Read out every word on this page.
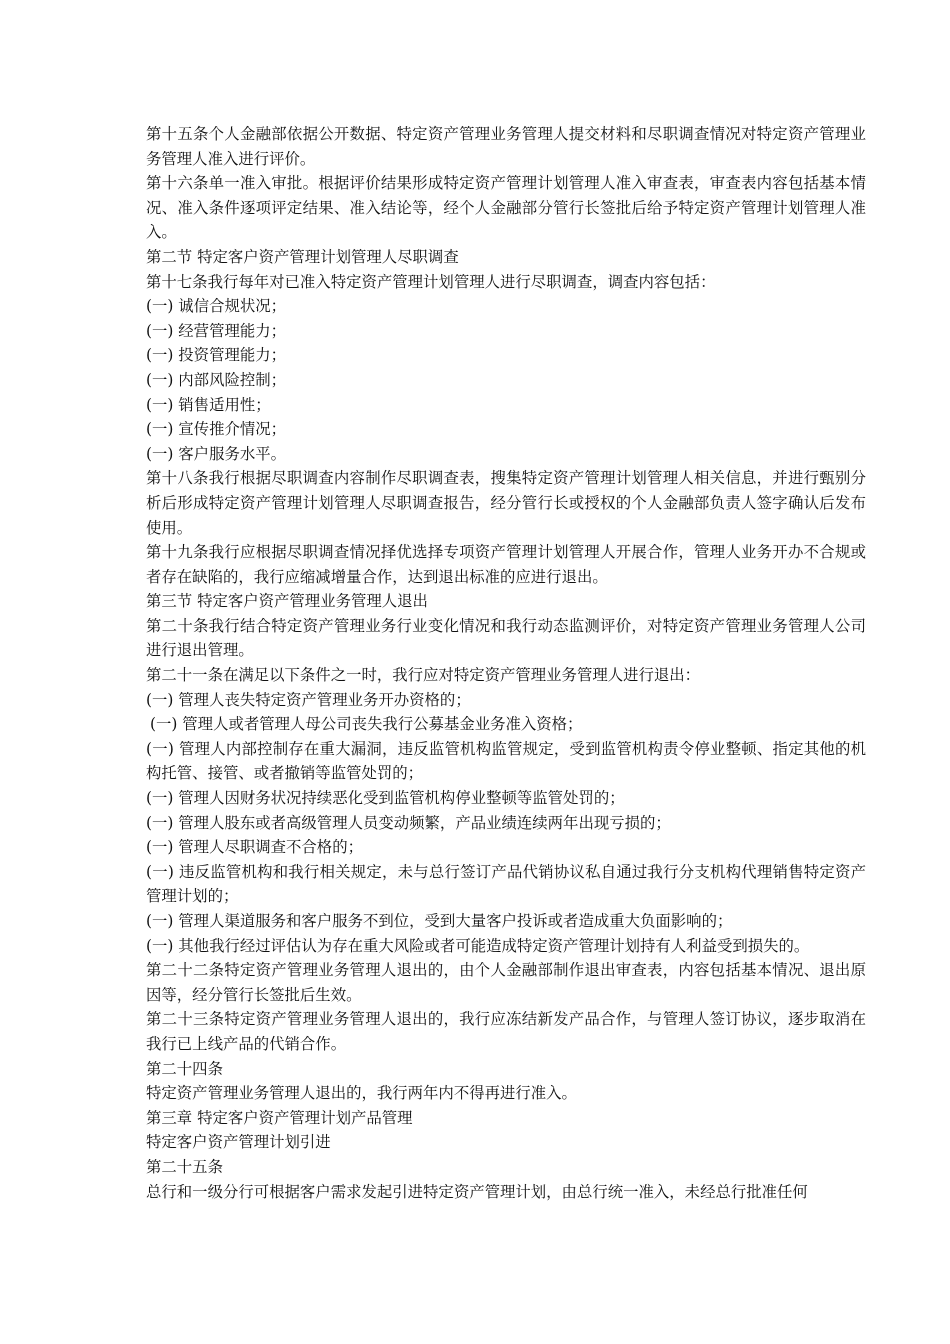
第十五条个人金融部依据公开数据、特定资产管理业务管理人提交材料和尽职调查情况对特定资产管理业务管理人准入进行评价。

第十六条单一准入审批。根据评价结果形成特定资产管理计划管理人准入审查表，审查表内容包括基本情况、准入条件逐项评定结果、准入结论等，经个人金融部分管行长签批后给予特定资产管理计划管理人准入。

第二节 特定客户资产管理计划管理人尽职调查

第十七条我行每年对已准入特定资产管理计划管理人进行尽职调查，调查内容包括：

(一) 诚信合规状况；

(一) 经营管理能力；

(一) 投资管理能力；

(一) 内部风险控制；

(一) 销售适用性；

(一) 宣传推介情况；

(一) 客户服务水平。

第十八条我行根据尽职调查内容制作尽职调查表，搜集特定资产管理计划管理人相关信息，并进行甄别分析后形成特定资产管理计划管理人尽职调查报告，经分管行长或授权的个人金融部负责人签字确认后发布使用。

第十九条我行应根据尽职调查情况择优选择专项资产管理计划管理人开展合作，管理人业务开办不合规或者存在缺陷的，我行应缩减增量合作，达到退出标准的应进行退出。

第三节 特定客户资产管理业务管理人退出

第二十条我行结合特定资产管理业务行业变化情况和我行动态监测评价，对特定资产管理业务管理人公司进行退出管理。

第二十一条在满足以下条件之一时，我行应对特定资产管理业务管理人进行退出：

(一) 管理人丧失特定资产管理业务开办资格的；

(一) 管理人或者管理人母公司丧失我行公募基金业务准入资格；

(一) 管理人内部控制存在重大漏洞，违反监管机构监管规定，受到监管机构责令停业整顿、指定其他的机构托管、接管、或者撤销等监管处罚的；

(一) 管理人因财务状况持续恶化受到监管机构停业整顿等监管处罚的；

(一) 管理人股东或者高级管理人员变动频繁，产品业绩连续两年出现亏损的；

(一) 管理人尽职调查不合格的；

(一) 违反监管机构和我行相关规定，未与总行签订产品代销协议私自通过我行分支机构代理销售特定资产管理计划的；

(一) 管理人渠道服务和客户服务不到位，受到大量客户投诉或者造成重大负面影响的；

(一) 其他我行经过评估认为存在重大风险或者可能造成特定资产管理计划持有人利益受到损失的。

第二十二条特定资产管理业务管理人退出的，由个人金融部制作退出审查表，内容包括基本情况、退出原因等，经分管行长签批后生效。

第二十三条特定资产管理业务管理人退出的，我行应冻结新发产品合作，与管理人签订协议，逐步取消在我行已上线产品的代销合作。

第二十四条

特定资产管理业务管理人退出的，我行两年内不得再进行准入。

第三章 特定客户资产管理计划产品管理

特定客户资产管理计划引进

第二十五条

总行和一级分行可根据客户需求发起引进特定资产管理计划，由总行统一准入，未经总行批准任何
